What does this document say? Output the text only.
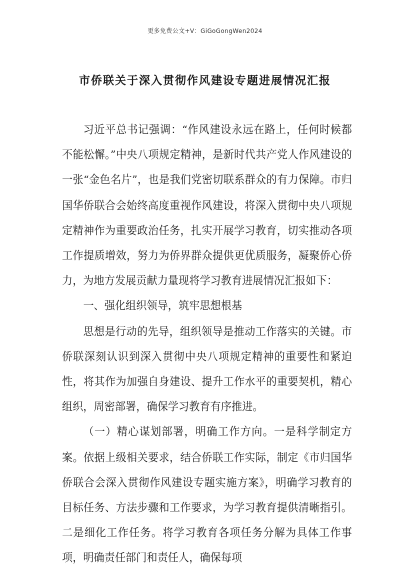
更多免费公文+V：GiGoGongWen2024
市侨联关于深入贯彻作风建设专题进展情况汇报

习近平总书记强调：“作风建设永远在路上，任何时候都不能松懈。”中央八项规定精神，是新时代共产党人作风建设的一张“金色名片”，也是我们党密切联系群众的有力保障。市归国华侨联合会始终高度重视作风建设，将深入贯彻中央八项规定精神作为重要政治任务，扎实开展学习教育，切实推动各项工作提质增效，努力为侨界群众提供更优质服务，凝聚侨心侨力，为地方发展贡献力量现将学习教育进展情况汇报如下：

一、强化组织领导，筑牢思想根基

思想是行动的先导，组织领导是推动工作落实的关键。市侨联深刻认识到深入贯彻中央八项规定精神的重要性和紧迫性，将其作为加强自身建设、提升工作水平的重要契机，精心组织，周密部署，确保学习教育有序推进。

（一）精心谋划部署，明确工作方向。一是科学制定方案。依据上级相关要求，结合侨联工作实际，制定《市归国华侨联合会深入贯彻作风建设专题实施方案》，明确学习教育的目标任务、方法步骤和工作要求，为学习教育提供清晰指引。二是细化工作任务。将学习教育各项任务分解为具体工作事项，明确责任部门和责任人，确保每项
